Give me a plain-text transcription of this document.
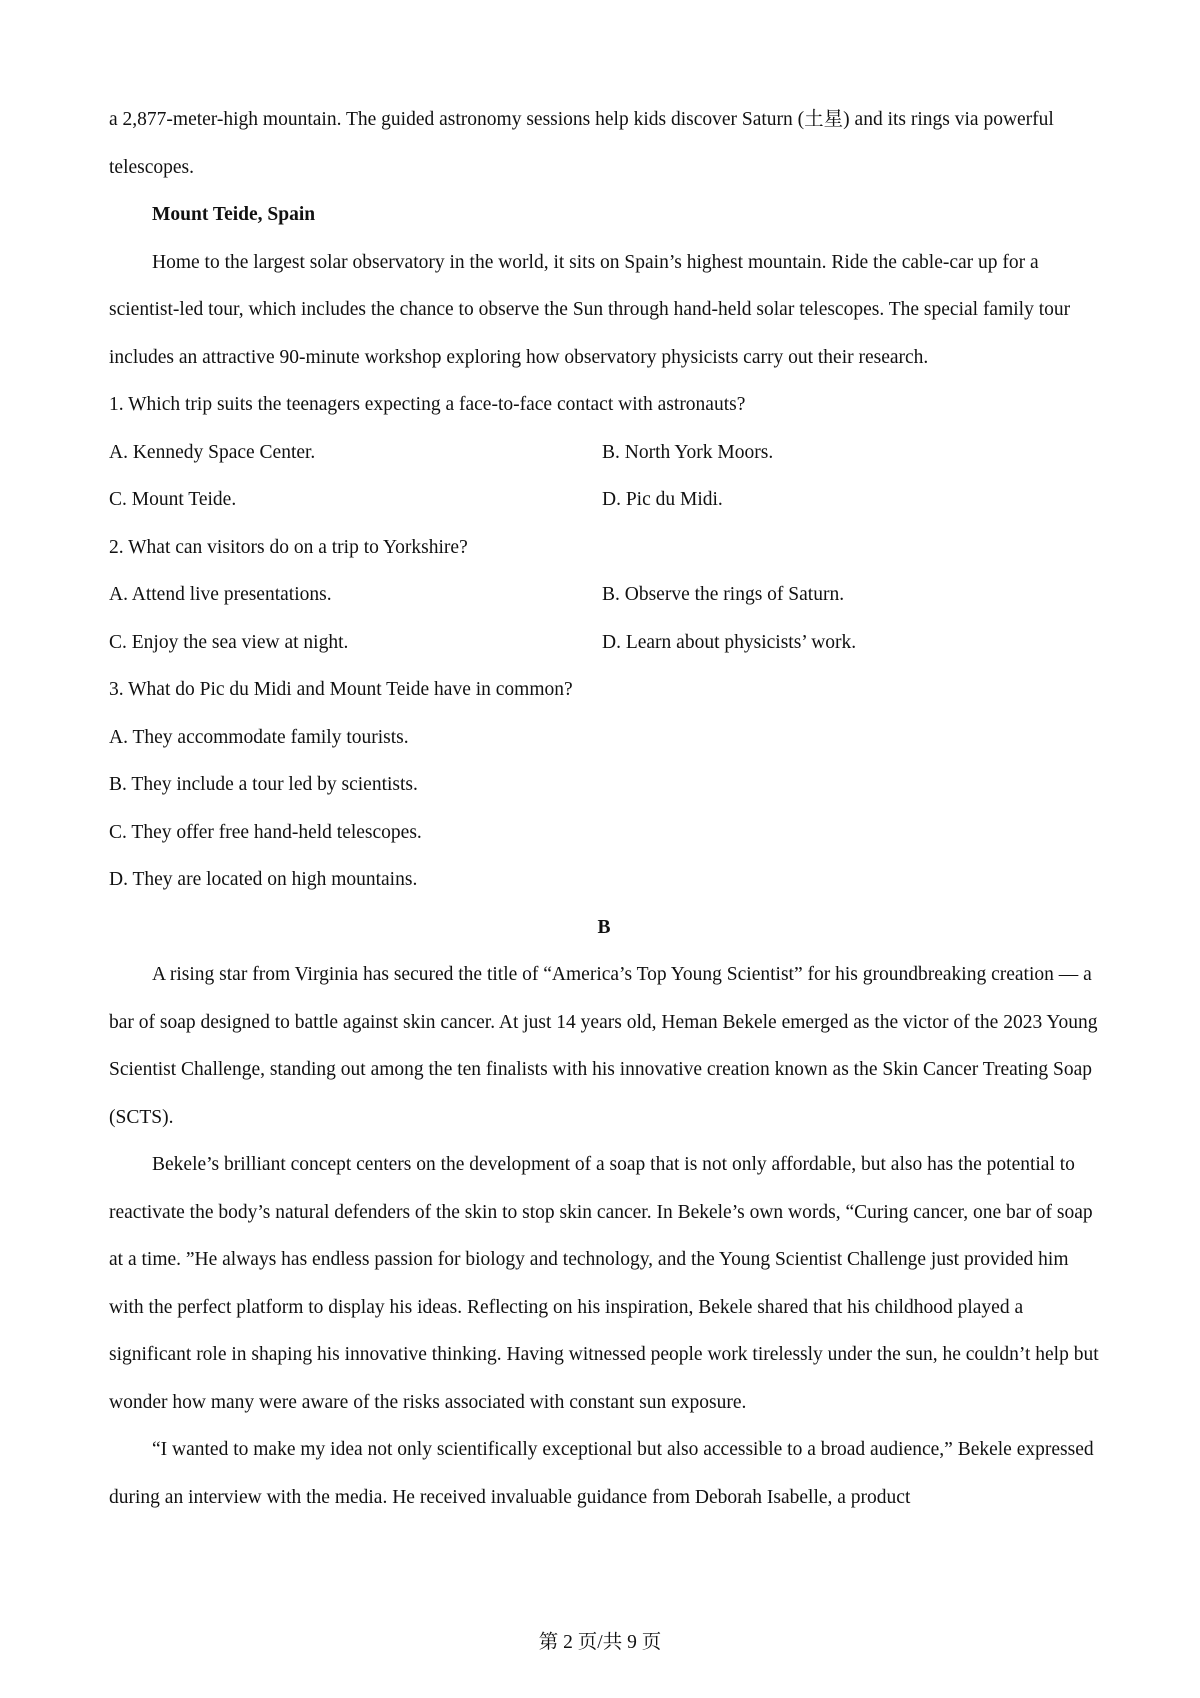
a 2,877-meter-high mountain. The guided astronomy sessions help kids discover Saturn (土星) and its rings via powerful telescopes.

Mount Teide, Spain

Home to the largest solar observatory in the world, it sits on Spain’s highest mountain. Ride the cable-car up for a scientist-led tour, which includes the chance to observe the Sun through hand-held solar telescopes. The special family tour includes an attractive 90-minute workshop exploring how observatory physicists carry out their research.

1. Which trip suits the teenagers expecting a face-to-face contact with astronauts?

A. Kennedy Space Center.	B. North York Moors.
C. Mount Teide.	D. Pic du Midi.

2. What can visitors do on a trip to Yorkshire?

A. Attend live presentations.	B. Observe the rings of Saturn.
C. Enjoy the sea view at night.	D. Learn about physicists’ work.

3. What do Pic du Midi and Mount Teide have in common?

A. They accommodate family tourists.

B. They include a tour led by scientists.

C. They offer free hand-held telescopes.

D. They are located on high mountains.

B

A rising star from Virginia has secured the title of “America’s Top Young Scientist” for his groundbreaking creation — a bar of soap designed to battle against skin cancer. At just 14 years old, Heman Bekele emerged as the victor of the 2023 Young Scientist Challenge, standing out among the ten finalists with his innovative creation known as the Skin Cancer Treating Soap (SCTS).

Bekele’s brilliant concept centers on the development of a soap that is not only affordable, but also has the potential to reactivate the body’s natural defenders of the skin to stop skin cancer. In Bekele’s own words, “Curing cancer, one bar of soap at a time. ”He always has endless passion for biology and technology, and the Young Scientist Challenge just provided him with the perfect platform to display his ideas. Reflecting on his inspiration, Bekele shared that his childhood played a significant role in shaping his innovative thinking. Having witnessed people work tirelessly under the sun, he couldn’t help but wonder how many were aware of the risks associated with constant sun exposure.

“I wanted to make my idea not only scientifically exceptional but also accessible to a broad audience,” Bekele expressed during an interview with the media. He received invaluable guidance from Deborah Isabelle, a product

第 2 页/共 9 页
